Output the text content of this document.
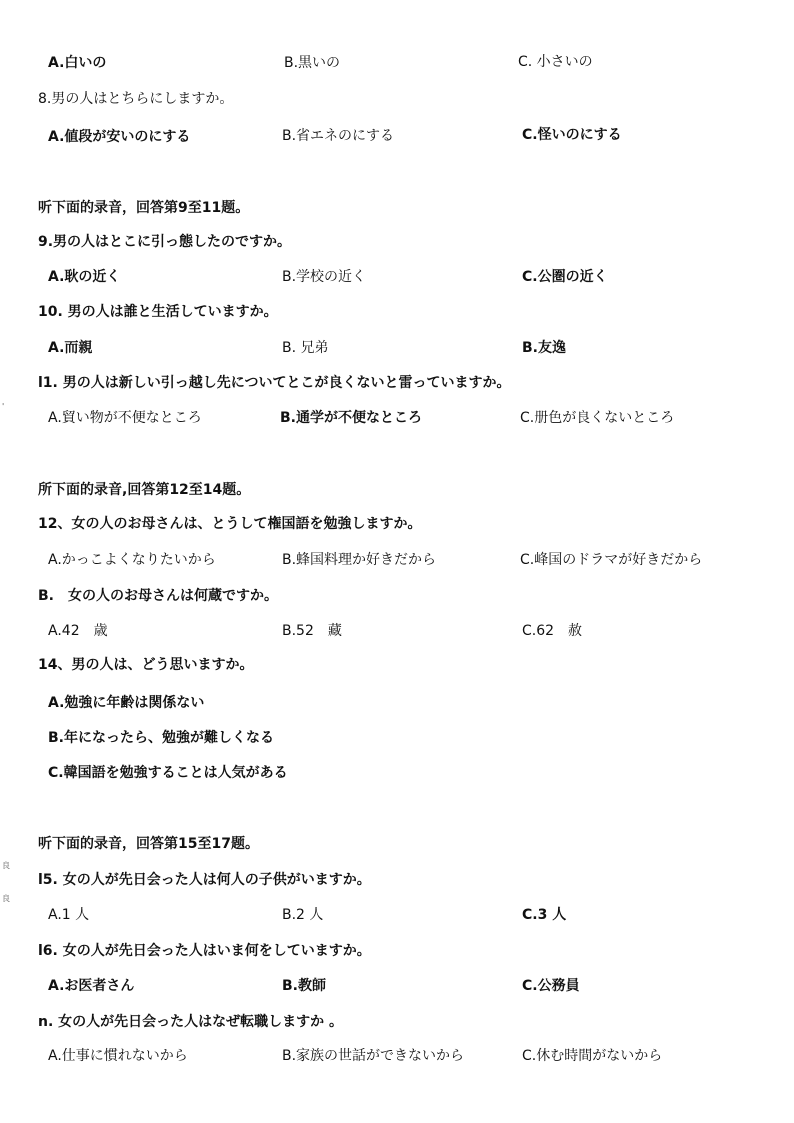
A.白いの	B.黒いの	C. 小さいの
8.男の人はとちらにしますか。
A.値段が安いのにする	B.省エネのにする	C.怪いのにする
听下面的录音，回答第9至11题。
9.男の人はとこに引っ態したのですか。
A.耿の近く	B.学校の近く	C.公圏の近く
10. 男の人は誰と生活していますか。
A.而親	B. 兄弟	B.友逸
l1. 男の人は新しい引っ越し先についてとこが良くないと雷っていますか。
A.貿い物が不便なところ	B.通学が不便なところ	C.册色が良くないところ
所下面的录音,回答第12至14题。
12、女の人のお母さんは、とうして権国語を勉強しますか。
A.かっこよくなりたいから	B.蜂国料理か好きだから	C.峰国のドラマが好きだから
B.　女の人のお母さんは何蔵ですか。
A.42　歳	B.52　藏	C.62　赦
14、男の人は、どう思いますか。
A.勉強に年齢は関係ない
B.年になったら、勉強が難しくなる
C.韓国語を勉強することは人気がある
听下面的录音，回答第15至17题。
l5. 女の人が先日会った人は何人の子供がいますか。
A.1 人	B.2 人	C.3 人
l6. 女の人が先日会った人はいま何をしていますか。
A.お医者さん	B.教師	C.公務員
n. 女の人が先日会った人はなぜ転職しますか 。
A.仕事に慣れないから	B.家族の世話ができないから	C.休む時間がないから
'
良
良
